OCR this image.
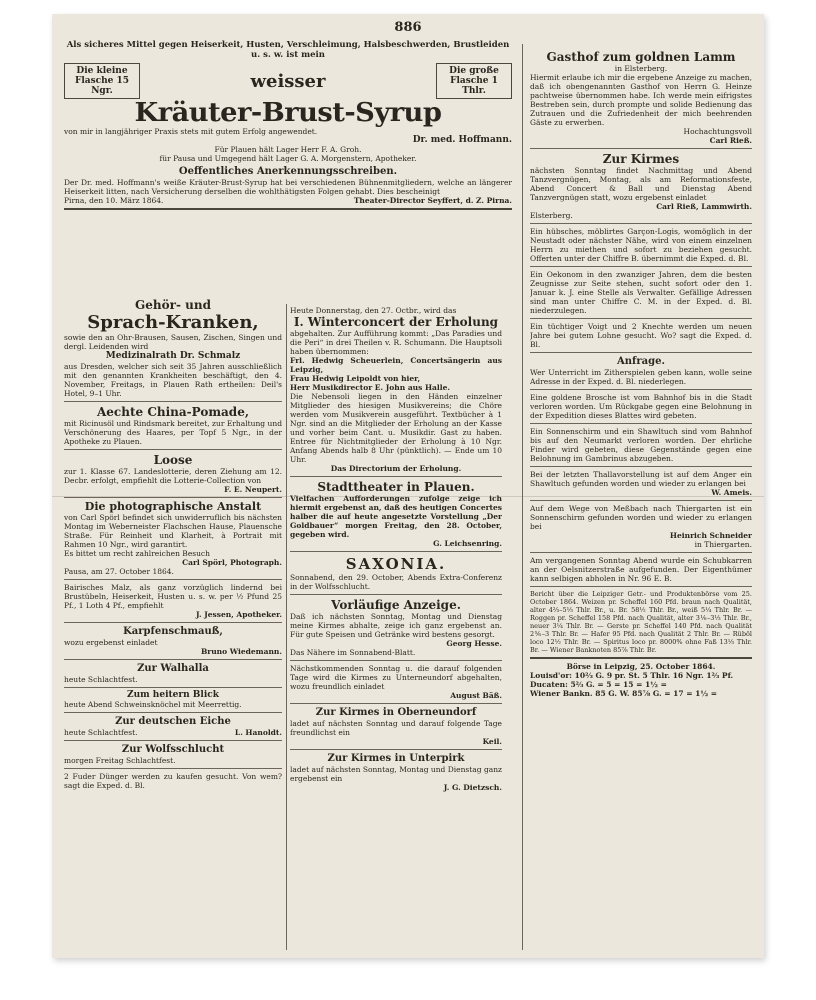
886

Als sicheres Mittel gegen Heiserkeit, Husten, Verschleimung, Halsbeschwerden, Brustleiden u. s. w. ist mein

Die kleine Flasche 15 Ngr.	weisser	Die große Flasche 1 Thlr.
Kräuter-Brust-Syrup

von mir in langjähriger Praxis stets mit gutem Erfolg angewendet.

Dr. med. Hoffmann.

Für Plauen hält Lager Herr F. A. Groh.

für Pausa und Umgegend hält Lager G. A. Morgenstern, Apotheker.

Oeffentliches Anerkennungsschreiben.

Der Dr. med. Hoffmann's weiße Kräuter-Brust-Syrup hat bei verschiedenen Bühnenmitgliedern, welche an längerer Heiserkeit litten, nach Versicherung derselben die wohlthätigsten Folgen gehabt. Dies bescheinigt

Pirna, den 10. März 1864.	Theater-Director Seyffert, d. Z. Pirna.
Gehör- und
Sprach-Kranken,

sowie den an Ohr-Brausen, Sausen, Zischen, Singen und dergl. Leidenden wird

Medizinalrath Dr. Schmalz

aus Dresden, welcher sich seit 35 Jahren ausschließlich mit den genannten Krankheiten beschäftigt, den 4. November, Freitags, in Plauen Rath ertheilen: Deil's Hotel, 9–1 Uhr.

Aechte China-Pomade,

mit Ricinusöl und Rindsmark bereitet, zur Erhaltung und Verschönerung des Haares, per Topf 5 Ngr., in der Apotheke zu Plauen.

Loose

zur 1. Klasse 67. Landeslotterie, deren Ziehung am 12. Decbr. erfolgt, empfiehlt die Lotterie-Collection von

F. E. Neupert.

Die photographische Anstalt

von Carl Spörl befindet sich unwiderruflich bis nächsten Montag im Weberneister Flachschen Hause, Plauensche Straße. Für Reinheit und Klarheit, à Portrait mit Rahmen 10 Ngr., wird garantirt.

Es bittet um recht zahlreichen Besuch

Carl Spörl, Photograph.

Pausa, am 27. October 1864.

Bairisches Malz, als ganz vorzüglich lindernd bei Brustübeln, Heiserkeit, Husten u. s. w. per ½ Pfund 25 Pf., 1 Loth 4 Pf., empfiehlt

J. Jessen, Apotheker.

Karpfenschmauß,

wozu ergebenst einladet

Bruno Wiedemann.

Zur Walhalla

heute Schlachtfest.

Zum heitern Blick

heute Abend Schweinsknöchel mit Meerrettig.

Zur deutschen Eiche
heute Schlachtfest.	L. Hanoldt.
Zur Wolfsschlucht

morgen Freitag Schlachtfest.

2 Fuder Dünger werden zu kaufen gesucht. Von wem? sagt die Exped. d. Bl.

Heute Donnerstag, den 27. Octbr., wird das

I. Winterconcert der Erholung

abgehalten. Zur Aufführung kommt: „Das Paradies und die Peri“ in drei Theilen v. R. Schumann. Die Hauptsoli haben übernommen:

Frl. Hedwig Scheuerlein, Concertsängerin aus Leipzig,

Frau Hedwig Leipoldt von hier,

Herr Musikdirector E. John aus Halle.

Die Nebensoli liegen in den Händen einzelner Mitglieder des hiesigen Musikvereins; die Chöre werden vom Musikverein ausgeführt. Textbücher à 1 Ngr. sind an die Mitglieder der Erholung an der Kasse und vorher beim Cant. u. Musikdir. Gast zu haben. Entree für Nichtmitglieder der Erholung à 10 Ngr. Anfang Abends halb 8 Uhr (pünktlich). — Ende um 10 Uhr.

Das Directorium der Erholung.

Stadttheater in Plauen.

Vielfachen Aufforderungen zufolge zeige ich hiermit ergebenst an, daß des heutigen Concertes halber die auf heute angesetzte Vorstellung „Der Goldbauer“ morgen Freitag, den 28. October, gegeben wird.

G. Leichsenring.

SAXONIA.

Sonnabend, den 29. October, Abends Extra-Conferenz in der Wolfsschlucht.

Vorläufige Anzeige.

Daß ich nächsten Sonntag, Montag und Dienstag meine Kirmes abhalte, zeige ich ganz ergebenst an. Für gute Speisen und Getränke wird bestens gesorgt.

Georg Hesse.

Das Nähere im Sonnabend-Blatt.

Nächstkommenden Sonntag u. die darauf folgenden Tage wird die Kirmes zu Unterneundorf abgehalten, wozu freundlich einladet

August Bäß.

Zur Kirmes in Oberneundorf

ladet auf nächsten Sonntag und darauf folgende Tage freundlichst ein

Keil.

Zur Kirmes in Unterpirk

ladet auf nächsten Sonntag, Montag und Dienstag ganz ergebenst ein

J. G. Dietzsch.

Gasthof zum goldnen Lamm

in Elsterberg.

Hiermit erlaube ich mir die ergebene Anzeige zu machen, daß ich obengenannten Gasthof von Herrn G. Heinze pachtweise übernommen habe. Ich werde mein eifrigstes Bestreben sein, durch prompte und solide Bedienung das Zutrauen und die Zufriedenheit der mich beehrenden Gäste zu erwerben.

Hochachtungsvoll

Carl Rieß.

Zur Kirmes

nächsten Sonntag findet Nachmittag und Abend Tanzvergnügen, Montag, als am Reformationsfeste, Abend Concert & Ball und Dienstag Abend Tanzvergnügen statt, wozu ergebenst einladet

Carl Rieß, Lammwirth.

Elsterberg.

Ein hübsches, möblirtes Garçon-Logis, womöglich in der Neustadt oder nächster Nähe, wird von einem einzelnen Herrn zu miethen und sofort zu beziehen gesucht. Offerten unter der Chiffre B. übernimmt die Exped. d. Bl.

Ein Oekonom in den zwanziger Jahren, dem die besten Zeugnisse zur Seite stehen, sucht sofort oder den 1. Januar k. J. eine Stelle als Verwalter. Gefällige Adressen sind man unter Chiffre C. M. in der Exped. d. Bl. niederzulegen.

Ein tüchtiger Voigt und 2 Knechte werden um neuen Jahre bei gutem Lohne gesucht. Wo? sagt die Exped. d. Bl.

Anfrage.

Wer Unterricht im Zitherspielen geben kann, wolle seine Adresse in der Exped. d. Bl. niederlegen.

Eine goldene Brosche ist vom Bahnhof bis in die Stadt verloren worden. Um Rückgabe gegen eine Belohnung in der Expedition dieses Blattes wird gebeten.

Ein Sonnenschirm und ein Shawltuch sind vom Bahnhof bis auf den Neumarkt verloren worden. Der ehrliche Finder wird gebeten, diese Gegenstände gegen eine Belohnung im Gambrinus abzugeben.

Bei der letzten Thallavorstellung ist auf dem Anger ein Shawltuch gefunden worden und wieder zu erlangen bei

W. Ameis.

Auf dem Wege von Meßbach nach Thiergarten ist ein Sonnenschirm gefunden worden und wieder zu erlangen bei

Heinrich Schneider

in Thiergarten.

Am vergangenen Sonntag Abend wurde ein Schubkarren an der Oelsnitzerstraße aufgefunden. Der Eigenthümer kann selbigen abholen in Nr. 96 E. B.

Bericht über die Leipziger Getr.- und Produktenbörse vom 25. October 1864. Weizen pr. Scheffel 160 Pfd. braun nach Qualität, alter 4⅔–5⅓ Thlr. Br., u. Br. 58½ Thlr. Br., weiß 5¼ Thlr. Br. — Roggen pr. Scheffel 158 Pfd. nach Qualität, alter 3⅙–3⅓ Thlr. Br., neuer 3¼ Thlr. Br. — Gerste pr. Scheffel 140 Pfd. nach Qualität 2⅚–3 Thlr. Br. — Hafer 95 Pfd. nach Qualität 2 Thlr. Br. — Rüböl loco 12½ Thlr. Br. — Spiritus loco pr. 8000% ohne Faß 13⅓ Thlr. Br. — Wiener Banknoten 85⅞ Thlr. Br.

Börse in Leipzig, 25. October 1864.

Louisd'or: 10⅔ G. 9 pr. St. 5 Thlr. 16 Ngr. 1⅔ Pf.

Ducaten: 5⅔ G. = 5 = 15 = 1½ =

Wiener Bankn. 85 G. W. 85⅞ G. = 17 = 1½ =
